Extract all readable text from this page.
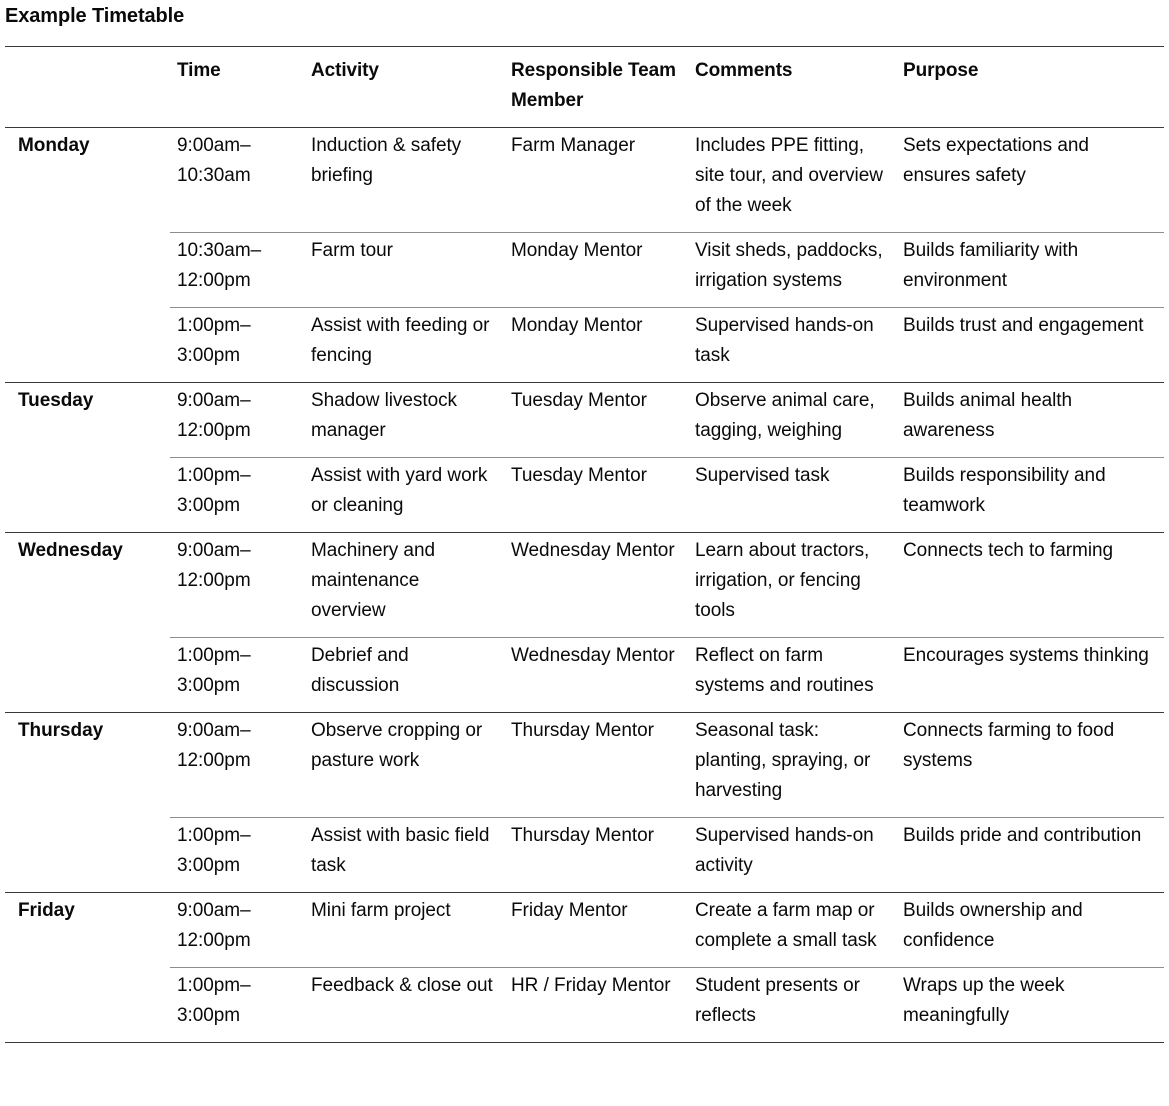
Example Timetable
	Time	Activity	Responsible Team Member	Comments	Purpose
Monday	9:00am–10:30am	Induction & safety briefing	Farm Manager	Includes PPE fitting, site tour, and overview of the week	Sets expectations and ensures safety
	10:30am–12:00pm	Farm tour	Monday Mentor	Visit sheds, paddocks, irrigation systems	Builds familiarity with environment
	1:00pm–3:00pm	Assist with feeding or fencing	Monday Mentor	Supervised hands-on task	Builds trust and engagement
Tuesday	9:00am–12:00pm	Shadow livestock manager	Tuesday Mentor	Observe animal care, tagging, weighing	Builds animal health awareness
	1:00pm–3:00pm	Assist with yard work or cleaning	Tuesday Mentor	Supervised task	Builds responsibility and teamwork
Wednesday	9:00am–12:00pm	Machinery and maintenance overview	Wednesday Mentor	Learn about tractors, irrigation, or fencing tools	Connects tech to farming
	1:00pm–3:00pm	Debrief and discussion	Wednesday Mentor	Reflect on farm systems and routines	Encourages systems thinking
Thursday	9:00am–12:00pm	Observe cropping or pasture work	Thursday Mentor	Seasonal task: planting, spraying, or harvesting	Connects farming to food systems
	1:00pm–3:00pm	Assist with basic field task	Thursday Mentor	Supervised hands-on activity	Builds pride and contribution
Friday	9:00am–12:00pm	Mini farm project	Friday Mentor	Create a farm map or complete a small task	Builds ownership and confidence
	1:00pm–3:00pm	Feedback & close out	HR / Friday Mentor	Student presents or reflects	Wraps up the week meaningfully
